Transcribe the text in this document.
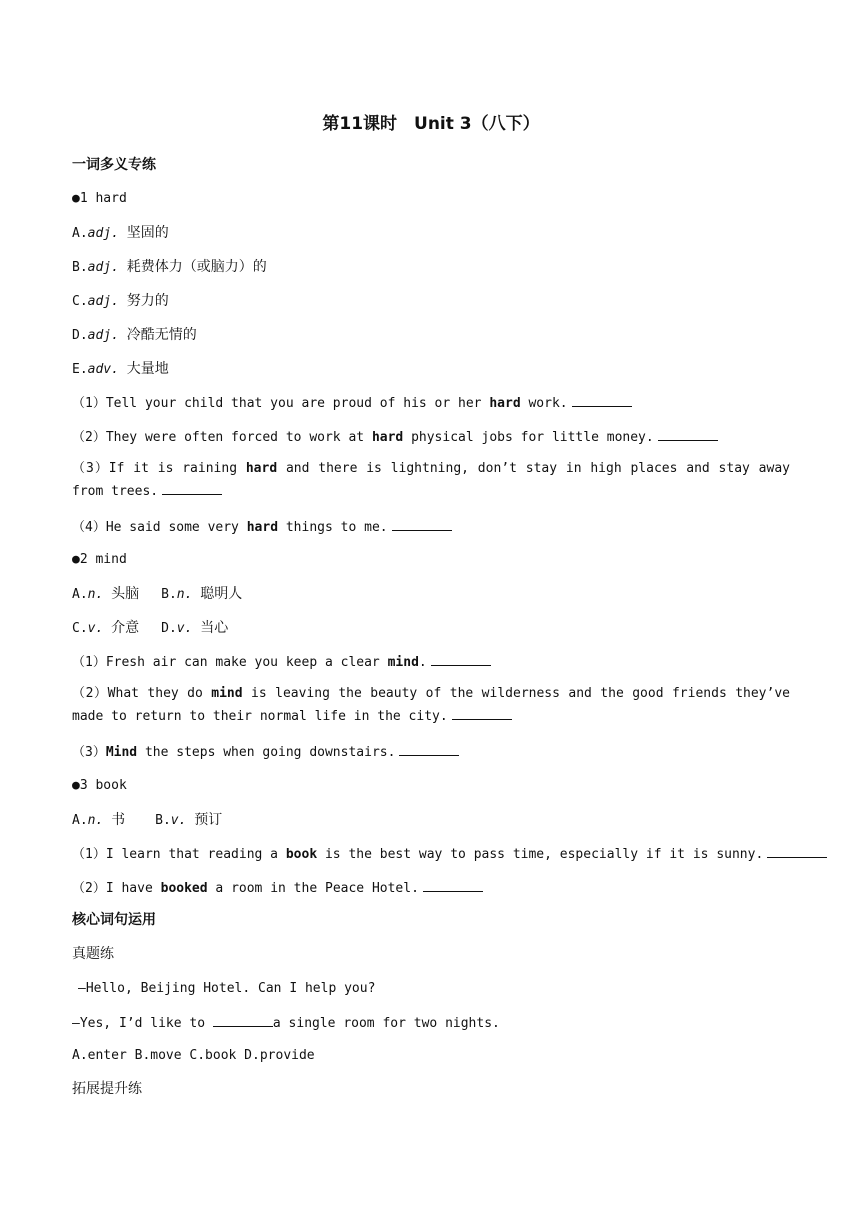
第11课时　Unit 3（八下）
一词多义专练
●1 hard
A.adj. 坚固的
B.adj. 耗费体力（或脑力）的
C.adj. 努力的
D.adj. 冷酷无情的
E.adv. 大量地
（1）Tell your child that you are proud of his or her hard work.
（2）They were often forced to work at hard physical jobs for little money.
（3）If it is raining hard and there is lightning, don’t stay in high places and stay away from trees.
（4）He said some very hard things to me.
●2 mind
A.n. 头脑 B.n. 聪明人
C.v. 介意 D.v. 当心
（1）Fresh air can make you keep a clear mind.
（2）What they do mind is leaving the beauty of the wilderness and the good friends they’ve made to return to their normal life in the city.
（3）Mind the steps when going downstairs.
●3 book
A.n. 书 B.v. 预订
（1）I learn that reading a book is the best way to pass time, especially if it is sunny.
（2）I have booked a room in the Peace Hotel.
核心词句运用
真题练
—Hello, Beijing Hotel. Can I help you?
—Yes, I’d like to	a single room for two nights.
A.enter B.move C.book D.provide
拓展提升练
